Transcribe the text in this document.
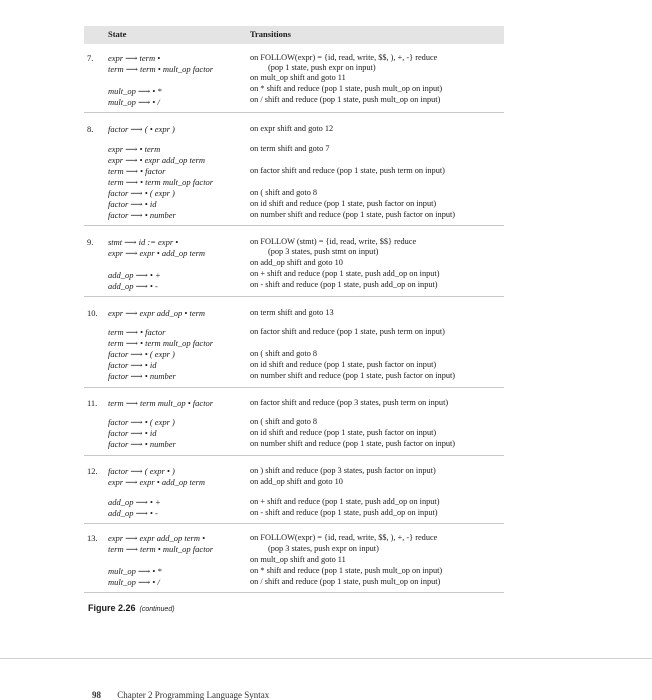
State	Transitions
7. expr ⟶ term •
term ⟶ term • mult_op factor
mult_op ⟶ • *
mult_op ⟶ • /
on FOLLOW(expr) = {id, read, write, $$, ), +, -} reduce
(pop 1 state, push expr on input)
on mult_op shift and goto 11
on * shift and reduce (pop 1 state, push mult_op on input)
on / shift and reduce (pop 1 state, push mult_op on input)
8. factor ⟶ ( • expr )
expr ⟶ • term
expr ⟶ • expr add_op term
term ⟶ • factor
term ⟶ • term mult_op factor
factor ⟶ • ( expr )
factor ⟶ • id
factor ⟶ • number
on expr shift and goto 12
on term shift and goto 7
on factor shift and reduce (pop 1 state, push term on input)
on ( shift and goto 8
on id shift and reduce (pop 1 state, push factor on input)
on number shift and reduce (pop 1 state, push factor on input)
9. stmt ⟶ id := expr •
expr ⟶ expr • add_op term
add_op ⟶ • +
add_op ⟶ • -
on FOLLOW (stmt) = {id, read, write, $$} reduce
(pop 3 states, push stmt on input)
on add_op shift and goto 10
on + shift and reduce (pop 1 state, push add_op on input)
on - shift and reduce (pop 1 state, push add_op on input)
10. expr ⟶ expr add_op • term
term ⟶ • factor
term ⟶ • term mult_op factor
factor ⟶ • ( expr )
factor ⟶ • id
factor ⟶ • number
on term shift and goto 13
on factor shift and reduce (pop 1 state, push term on input)
on ( shift and goto 8
on id shift and reduce (pop 1 state, push factor on input)
on number shift and reduce (pop 1 state, push factor on input)
11. term ⟶ term mult_op • factor
factor ⟶ • ( expr )
factor ⟶ • id
factor ⟶ • number
on factor shift and reduce (pop 3 states, push term on input)
on ( shift and goto 8
on id shift and reduce (pop 1 state, push factor on input)
on number shift and reduce (pop 1 state, push factor on input)
12. factor ⟶ ( expr • )
expr ⟶ expr • add_op term
add_op ⟶ • +
add_op ⟶ • -
on ) shift and reduce (pop 3 states, push factor on input)
on add_op shift and goto 10
on + shift and reduce (pop 1 state, push add_op on input)
on - shift and reduce (pop 1 state, push add_op on input)
13. expr ⟶ expr add_op term •
term ⟶ term • mult_op factor
mult_op ⟶ • *
mult_op ⟶ • /
on FOLLOW(expr) = {id, read, write, $$, ), +, -} reduce
(pop 3 states, push expr on input)
on mult_op shift and goto 11
on * shift and reduce (pop 1 state, push mult_op on input)
on / shift and reduce (pop 1 state, push mult_op on input)
Figure 2.26 (continued)
98 Chapter 2 Programming Language Syntax
